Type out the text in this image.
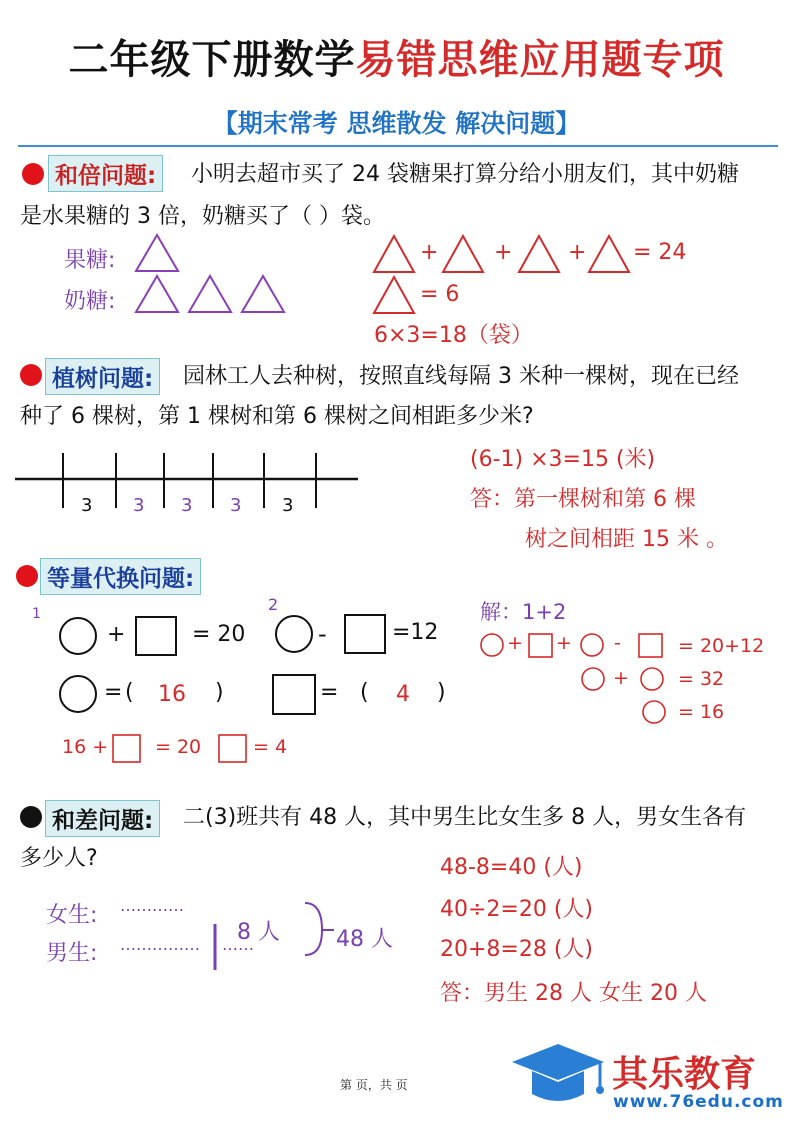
二年级下册数学易错思维应用题专项
【期末常考 思维散发 解决问题】
和倍问题:	小明去超市买了 24 袋糖果打算分给小朋友们，其中奶糖
是水果糖的 3 倍，奶糖买了（ ）袋。
果糖:
奶糖:
+	+	+ = 24
= 6
6×3=18（袋）
植树问题:	园林工人去种树，按照直线每隔 3 米种一棵树，现在已经
种了 6 棵树，第 1 棵树和第 6 棵树之间相距多少米?
3 3 3 3 3
(6-1) ×3=15 (米)
答：第一棵树和第 6 棵
树之间相距 15 米 。
等量代换问题:
1	2
+	= 20	-	=12
= ( 16 )	= ( 4 )
16 + = 20	= 4
解：1+2
+ + -	= 20+12
+	= 32
= 16
和差问题:	二(3)班共有 48 人，其中男生比女生多 8 人，男女生各有
多少人?
女生:
男生:
…………
…………… ……
8 人	48 人
48-8=40 (人)
40÷2=20 (人)
20+8=28 (人)
答：男生 28 人 女生 20 人
第 页，共 页	其乐教育
www.76edu.com
